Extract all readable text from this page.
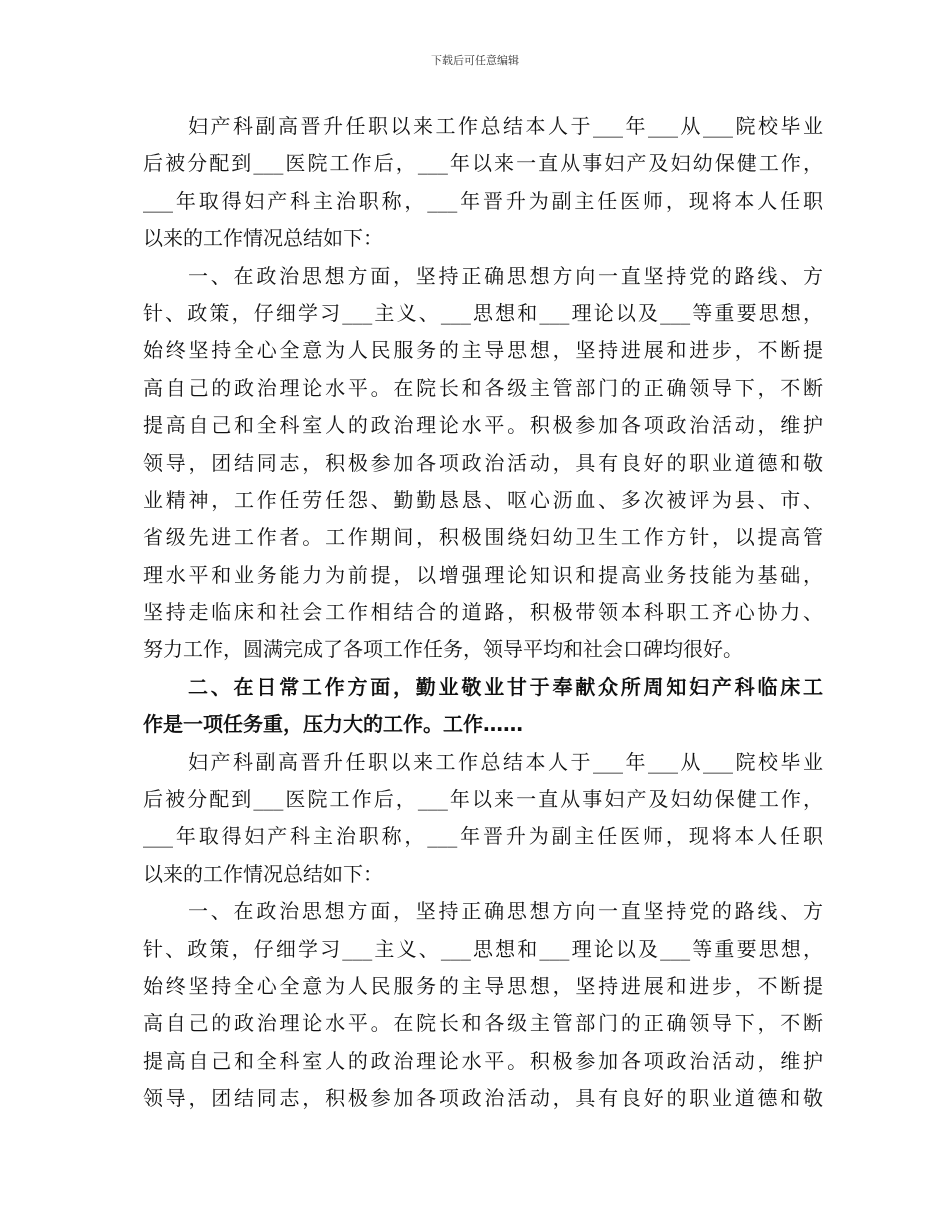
下载后可任意编辑
妇产科副高晋升任职以来工作总结本人于___年___从___院校毕业
后被分配到___医院工作后，___年以来一直从事妇产及妇幼保健工作，
___年取得妇产科主治职称，___年晋升为副主任医师，现将本人任职
以来的工作情况总结如下：
一、在政治思想方面，坚持正确思想方向一直坚持党的路线、方
针、政策，仔细学习___主义、___思想和___理论以及___等重要思想，
始终坚持全心全意为人民服务的主导思想，坚持进展和进步，不断提
高自己的政治理论水平。在院长和各级主管部门的正确领导下，不断
提高自己和全科室人的政治理论水平。积极参加各项政治活动，维护
领导，团结同志，积极参加各项政治活动，具有良好的职业道德和敬
业精神，工作任劳任怨、勤勤恳恳、呕心沥血、多次被评为县、市、
省级先进工作者。工作期间，积极围绕妇幼卫生工作方针，以提高管
理水平和业务能力为前提，以增强理论知识和提高业务技能为基础，
坚持走临床和社会工作相结合的道路，积极带领本科职工齐心协力、
努力工作，圆满完成了各项工作任务，领导平均和社会口碑均很好。
二、在日常工作方面，勤业敬业甘于奉献众所周知妇产科临床工
作是一项任务重，压力大的工作。工作……
妇产科副高晋升任职以来工作总结本人于___年___从___院校毕业
后被分配到___医院工作后，___年以来一直从事妇产及妇幼保健工作，
___年取得妇产科主治职称，___年晋升为副主任医师，现将本人任职
以来的工作情况总结如下：
一、在政治思想方面，坚持正确思想方向一直坚持党的路线、方
针、政策，仔细学习___主义、___思想和___理论以及___等重要思想，
始终坚持全心全意为人民服务的主导思想，坚持进展和进步，不断提
高自己的政治理论水平。在院长和各级主管部门的正确领导下，不断
提高自己和全科室人的政治理论水平。积极参加各项政治活动，维护
领导，团结同志，积极参加各项政治活动，具有良好的职业道德和敬
